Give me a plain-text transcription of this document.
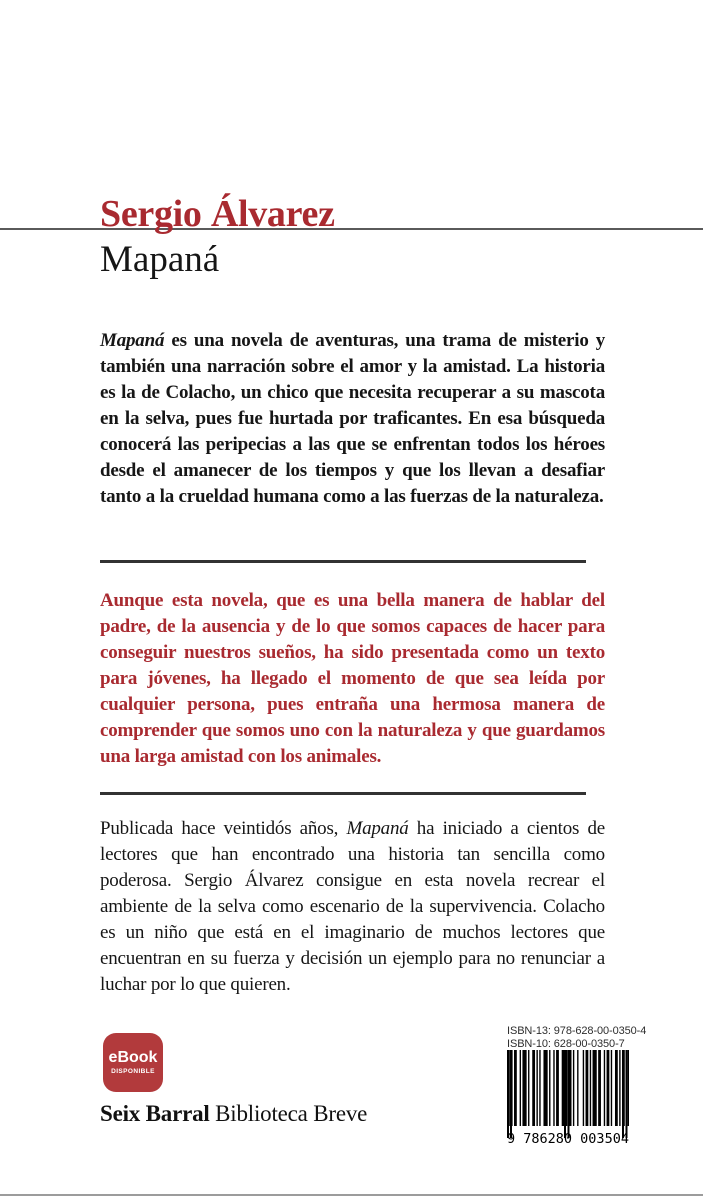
Sergio Álvarez
Mapaná

Mapaná es una novela de aventuras, una trama de misterio y también una narración sobre el amor y la amistad. La historia es la de Colacho, un chico que necesita recuperar a su mascota en la selva, pues fue hurtada por traficantes. En esa búsqueda conocerá las peripecias a las que se enfrentan todos los héroes desde el amanecer de los tiempos y que los llevan a desafiar tanto a la crueldad humana como a las fuerzas de la naturaleza.

Aunque esta novela, que es una bella manera de hablar del padre, de la ausencia y de lo que somos capaces de hacer para conseguir nuestros sueños, ha sido presentada como un texto para jóvenes, ha llegado el momento de que sea leída por cualquier persona, pues entraña una hermosa manera de comprender que somos uno con la naturaleza y que guardamos una larga amistad con los animales.

Publicada hace veintidós años, Mapaná ha iniciado a cientos de lectores que han encontrado una historia tan sencilla como poderosa. Sergio Álvarez consigue en esta novela recrear el ambiente de la selva como escenario de la supervivencia. Colacho es un niño que está en el imaginario de muchos lectores que encuentran en su fuerza y decisión un ejemplo para no renunciar a luchar por lo que quieren.

eBook
DISPONIBLE
ISBN-13: 978-628-00-0350-4
ISBN-10: 628-00-0350-7
9 786280 003504

Seix Barral Biblioteca Breve
